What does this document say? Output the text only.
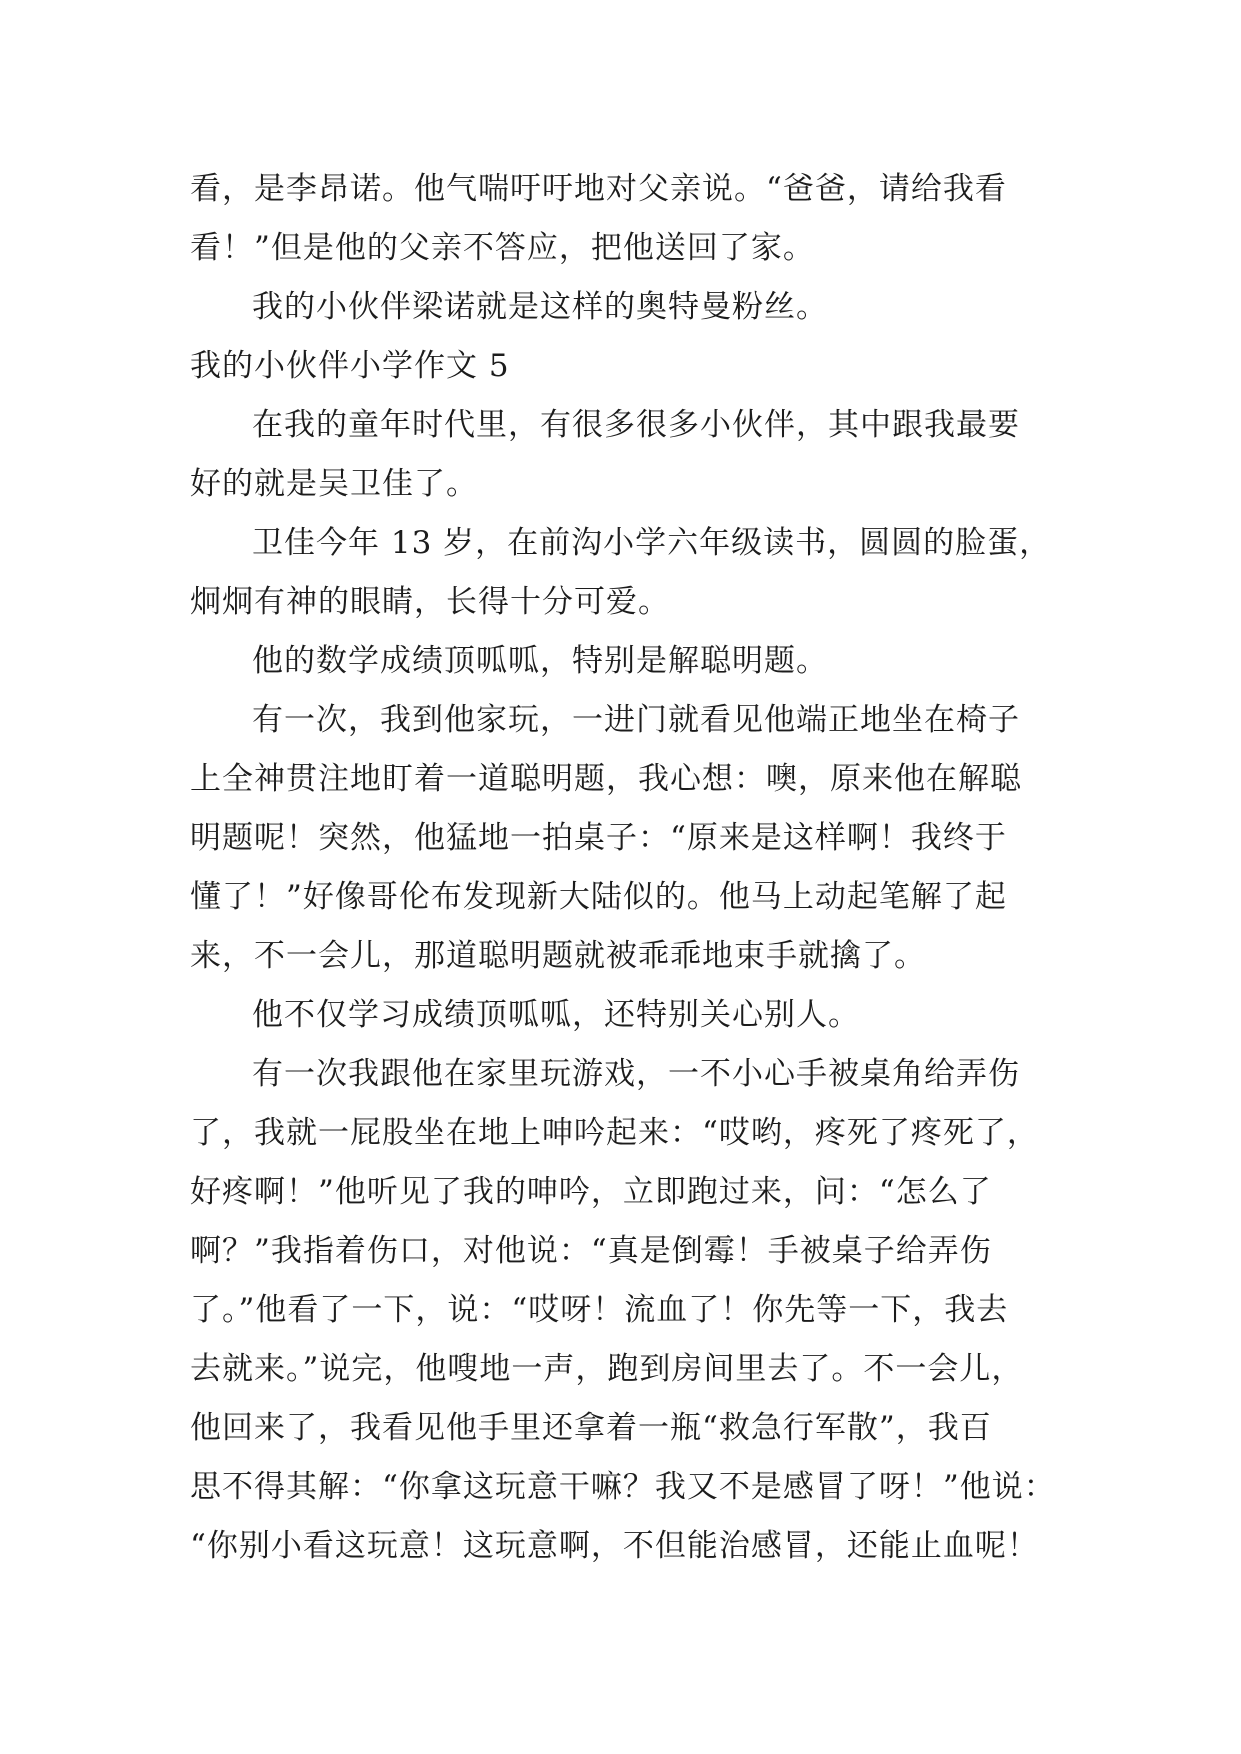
看，是李昂诺。他气喘吁吁地对父亲说。“爸爸，请给我看
看！”但是他的父亲不答应，把他送回了家。
我的小伙伴梁诺就是这样的奥特曼粉丝。
我的小伙伴小学作文 5
在我的童年时代里，有很多很多小伙伴，其中跟我最要
好的就是吴卫佳了。
卫佳今年 13 岁，在前沟小学六年级读书，圆圆的脸蛋，
炯炯有神的眼睛，长得十分可爱。
他的数学成绩顶呱呱，特别是解聪明题。
有一次，我到他家玩，一进门就看见他端正地坐在椅子
上全神贯注地盯着一道聪明题，我心想：噢，原来他在解聪
明题呢！突然，他猛地一拍桌子：“原来是这样啊！我终于
懂了！”好像哥伦布发现新大陆似的。他马上动起笔解了起
来，不一会儿，那道聪明题就被乖乖地束手就擒了。
他不仅学习成绩顶呱呱，还特别关心别人。
有一次我跟他在家里玩游戏，一不小心手被桌角给弄伤
了，我就一屁股坐在地上呻吟起来：“哎哟，疼死了疼死了，
好疼啊！”他听见了我的呻吟，立即跑过来，问：“怎么了
啊？”我指着伤口，对他说：“真是倒霉！手被桌子给弄伤
了。”他看了一下，说：“哎呀！流血了！你先等一下，我去
去就来。”说完，他嗖地一声，跑到房间里去了。不一会儿，
他回来了，我看见他手里还拿着一瓶“救急行军散”，我百
思不得其解：“你拿这玩意干嘛？我又不是感冒了呀！”他说：
“你别小看这玩意！这玩意啊，不但能治感冒，还能止血呢！
